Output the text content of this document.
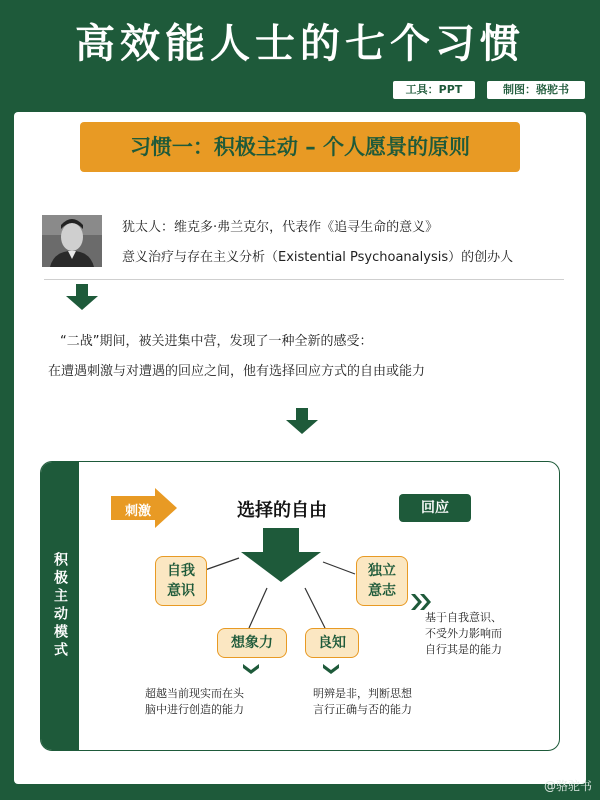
高效能人士的七个习惯
工具：PPT	制图：骆驼书
习惯一：积极主动 – 个人愿景的原则
犹太人：维克多·弗兰克尔，代表作《追寻生命的意义》
意义治疗与存在主义分析（Existential Psychoanalysis）的创办人
“二战”期间，被关进集中营，发现了一种全新的感受：
在遭遇刺激与对遭遇的回应之间，他有选择回应方式的自由或能力
积极主动模式
刺激	选择的自由	回应
自我
意识
独立
意志
基于自我意识、
不受外力影响而
自行其是的能力
想象力	良知
超越当前现实而在头
脑中进行创造的能力
明辨是非，判断思想
言行正确与否的能力
@骆驼书
